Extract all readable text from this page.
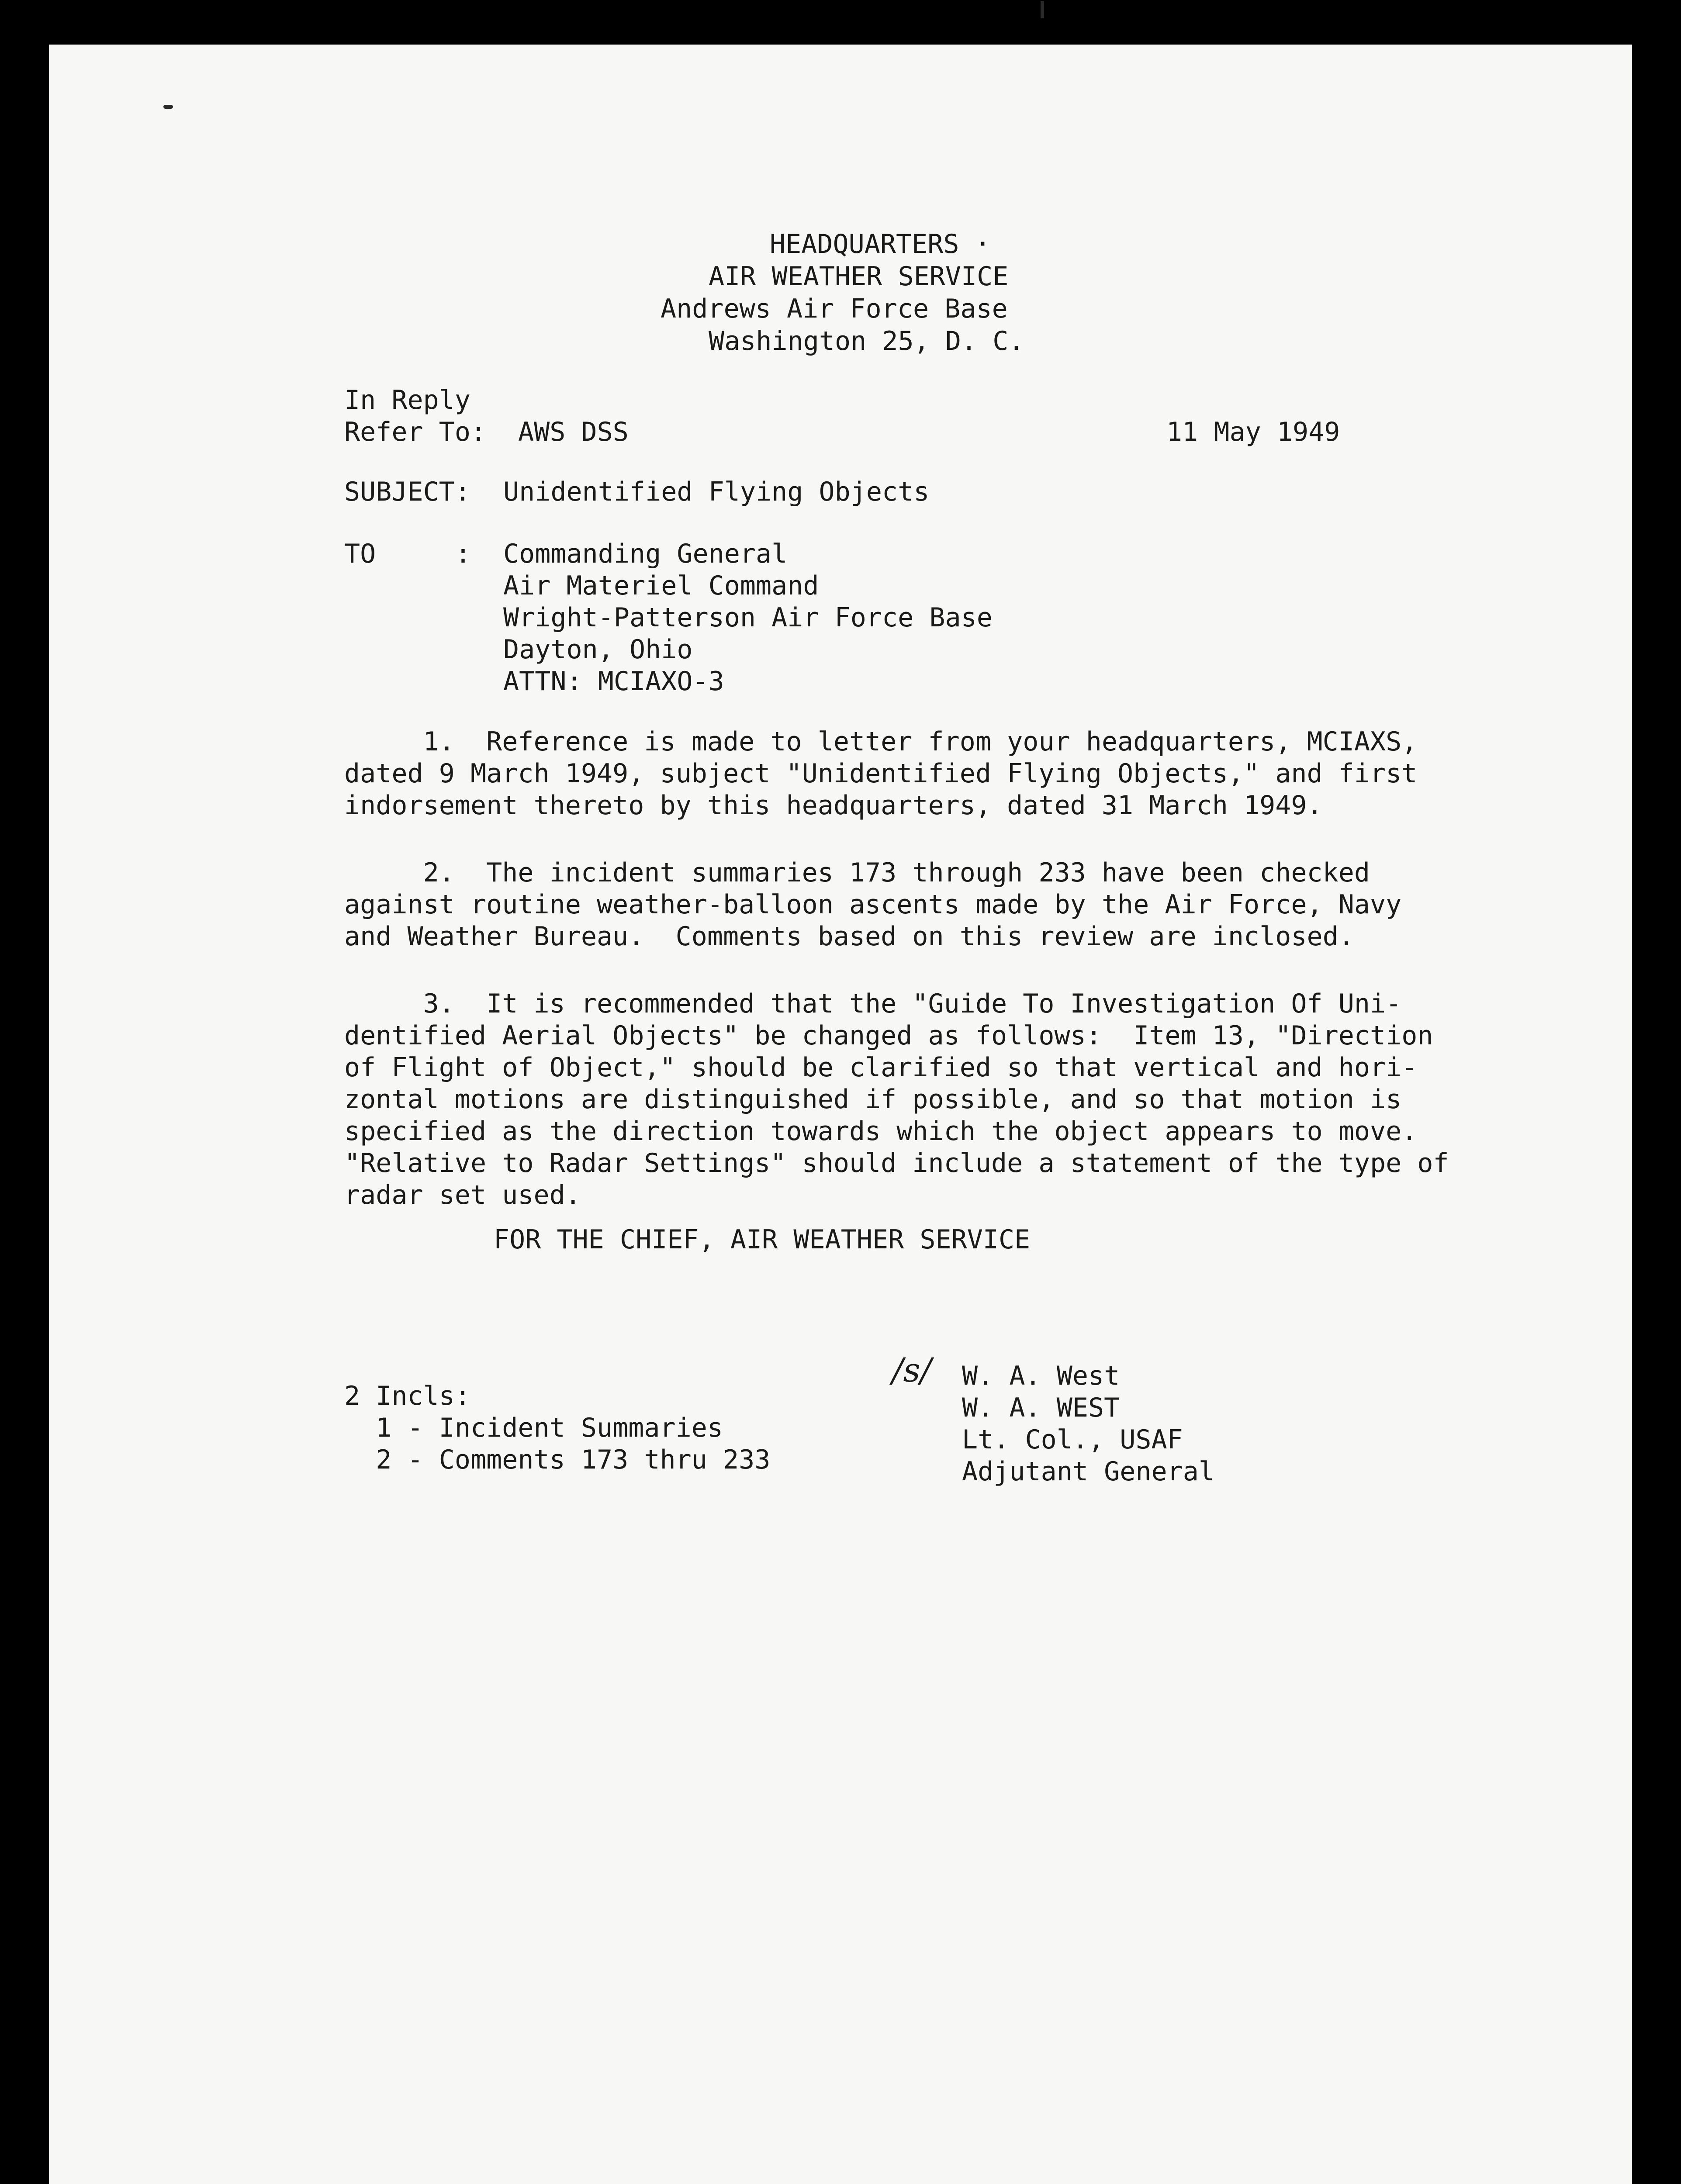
HEADQUARTERS ·
AIR WEATHER SERVICE
Andrews Air Force Base
Washington 25, D. C.
In Reply
Refer To: AWS DSS	11 May 1949
SUBJECT: Unidentified Flying Objects
TO	: Commanding General
Air Materiel Command
Wright-Patterson Air Force Base
Dayton, Ohio
ATTN: MCIAXO-3
1.  Reference is made to letter from your headquarters, MCIAXS,
dated 9 March 1949, subject "Unidentified Flying Objects," and first
indorsement thereto by this headquarters, dated 31 March 1949.
2.  The incident summaries 173 through 233 have been checked
against routine weather-balloon ascents made by the Air Force, Navy
and Weather Bureau.  Comments based on this review are inclosed.
3.  It is recommended that the "Guide To Investigation Of Uni-
dentified Aerial Objects" be changed as follows:  Item 13, "Direction
of Flight of Object," should be clarified so that vertical and hori-
zontal motions are distinguished if possible, and so that motion is
specified as the direction towards which the object appears to move.
"Relative to Radar Settings" should include a statement of the type of
radar set used.
FOR THE CHIEF, AIR WEATHER SERVICE
/s/ W. A. West
W. A. WEST
Lt. Col., USAF
Adjutant General
2 Incls:
1 - Incident Summaries
2 - Comments 173 thru 233
